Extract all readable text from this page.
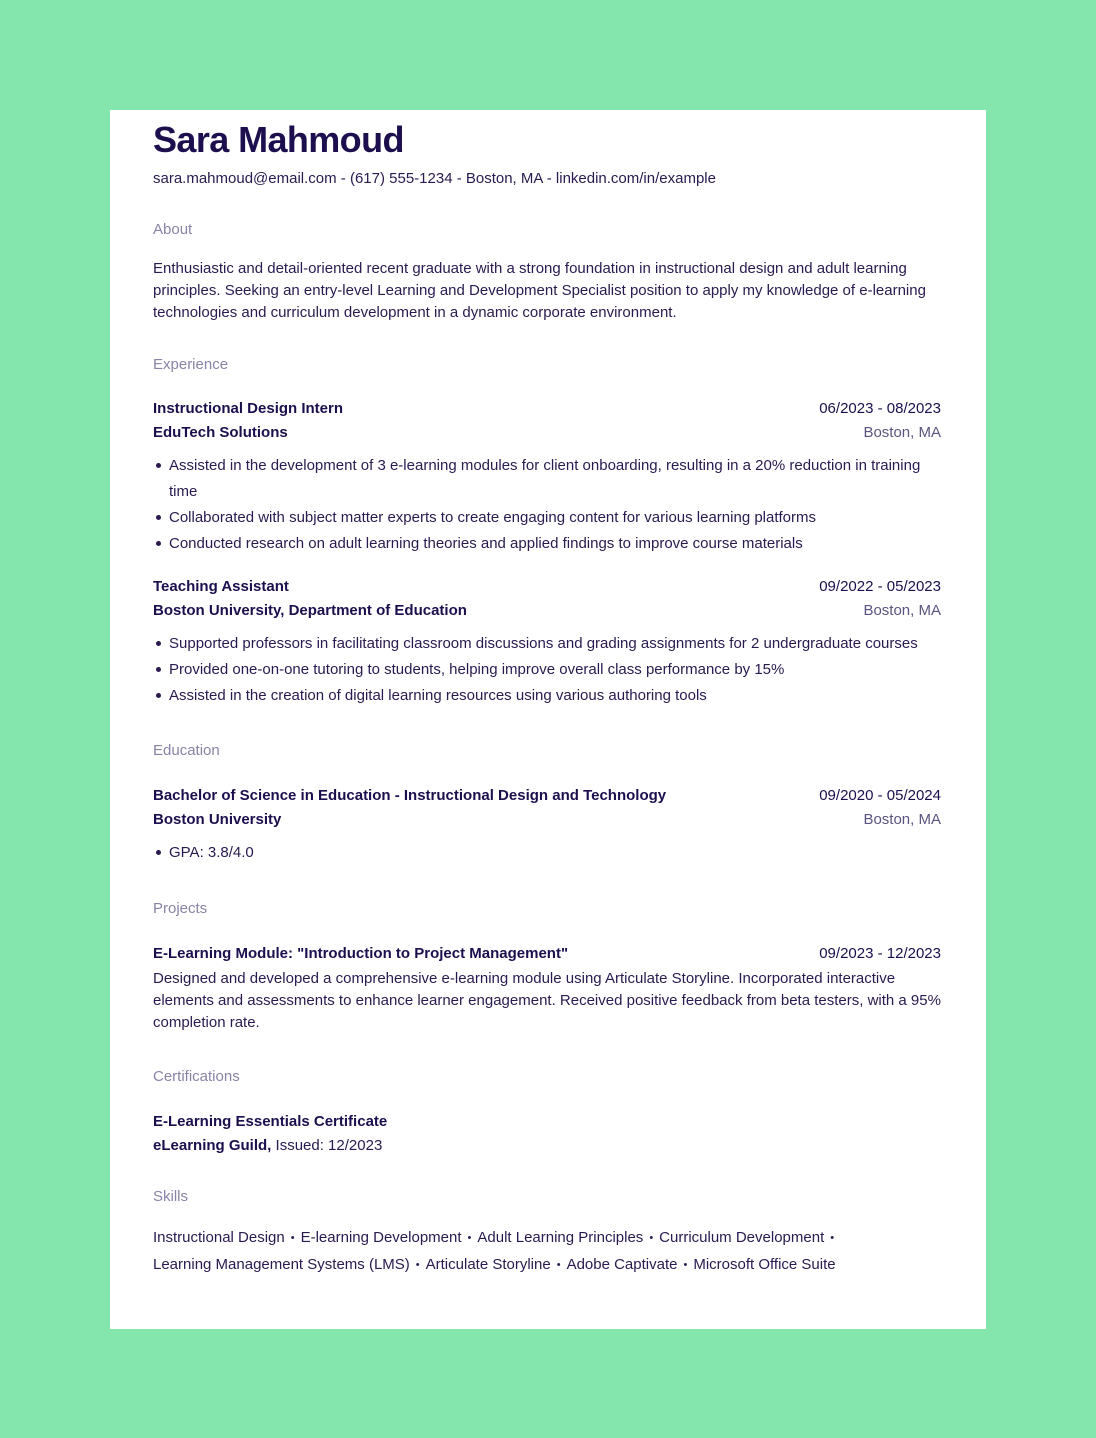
Sara Mahmoud
sara.mahmoud@email.com - (617) 555-1234 - Boston, MA - linkedin.com/in/example
About
Enthusiastic and detail-oriented recent graduate with a strong foundation in instructional design and adult learning principles. Seeking an entry-level Learning and Development Specialist position to apply my knowledge of e-learning technologies and curriculum development in a dynamic corporate environment.
Experience
Instructional Design Intern	06/2023 - 08/2023
EduTech Solutions	Boston, MA
Assisted in the development of 3 e-learning modules for client onboarding, resulting in a 20% reduction in training time
Collaborated with subject matter experts to create engaging content for various learning platforms
Conducted research on adult learning theories and applied findings to improve course materials
Teaching Assistant	09/2022 - 05/2023
Boston University, Department of Education	Boston, MA
Supported professors in facilitating classroom discussions and grading assignments for 2 undergraduate courses
Provided one-on-one tutoring to students, helping improve overall class performance by 15%
Assisted in the creation of digital learning resources using various authoring tools
Education
Bachelor of Science in Education - Instructional Design and Technology	09/2020 - 05/2024
Boston University	Boston, MA
GPA: 3.8/4.0
Projects
E-Learning Module: "Introduction to Project Management"	09/2023 - 12/2023
Designed and developed a comprehensive e-learning module using Articulate Storyline. Incorporated interactive elements and assessments to enhance learner engagement. Received positive feedback from beta testers, with a 95% completion rate.
Certifications
E-Learning Essentials Certificate
eLearning Guild, Issued: 12/2023
Skills
Instructional Design • E-learning Development • Adult Learning Principles • Curriculum Development •
Learning Management Systems (LMS) • Articulate Storyline • Adobe Captivate • Microsoft Office Suite
